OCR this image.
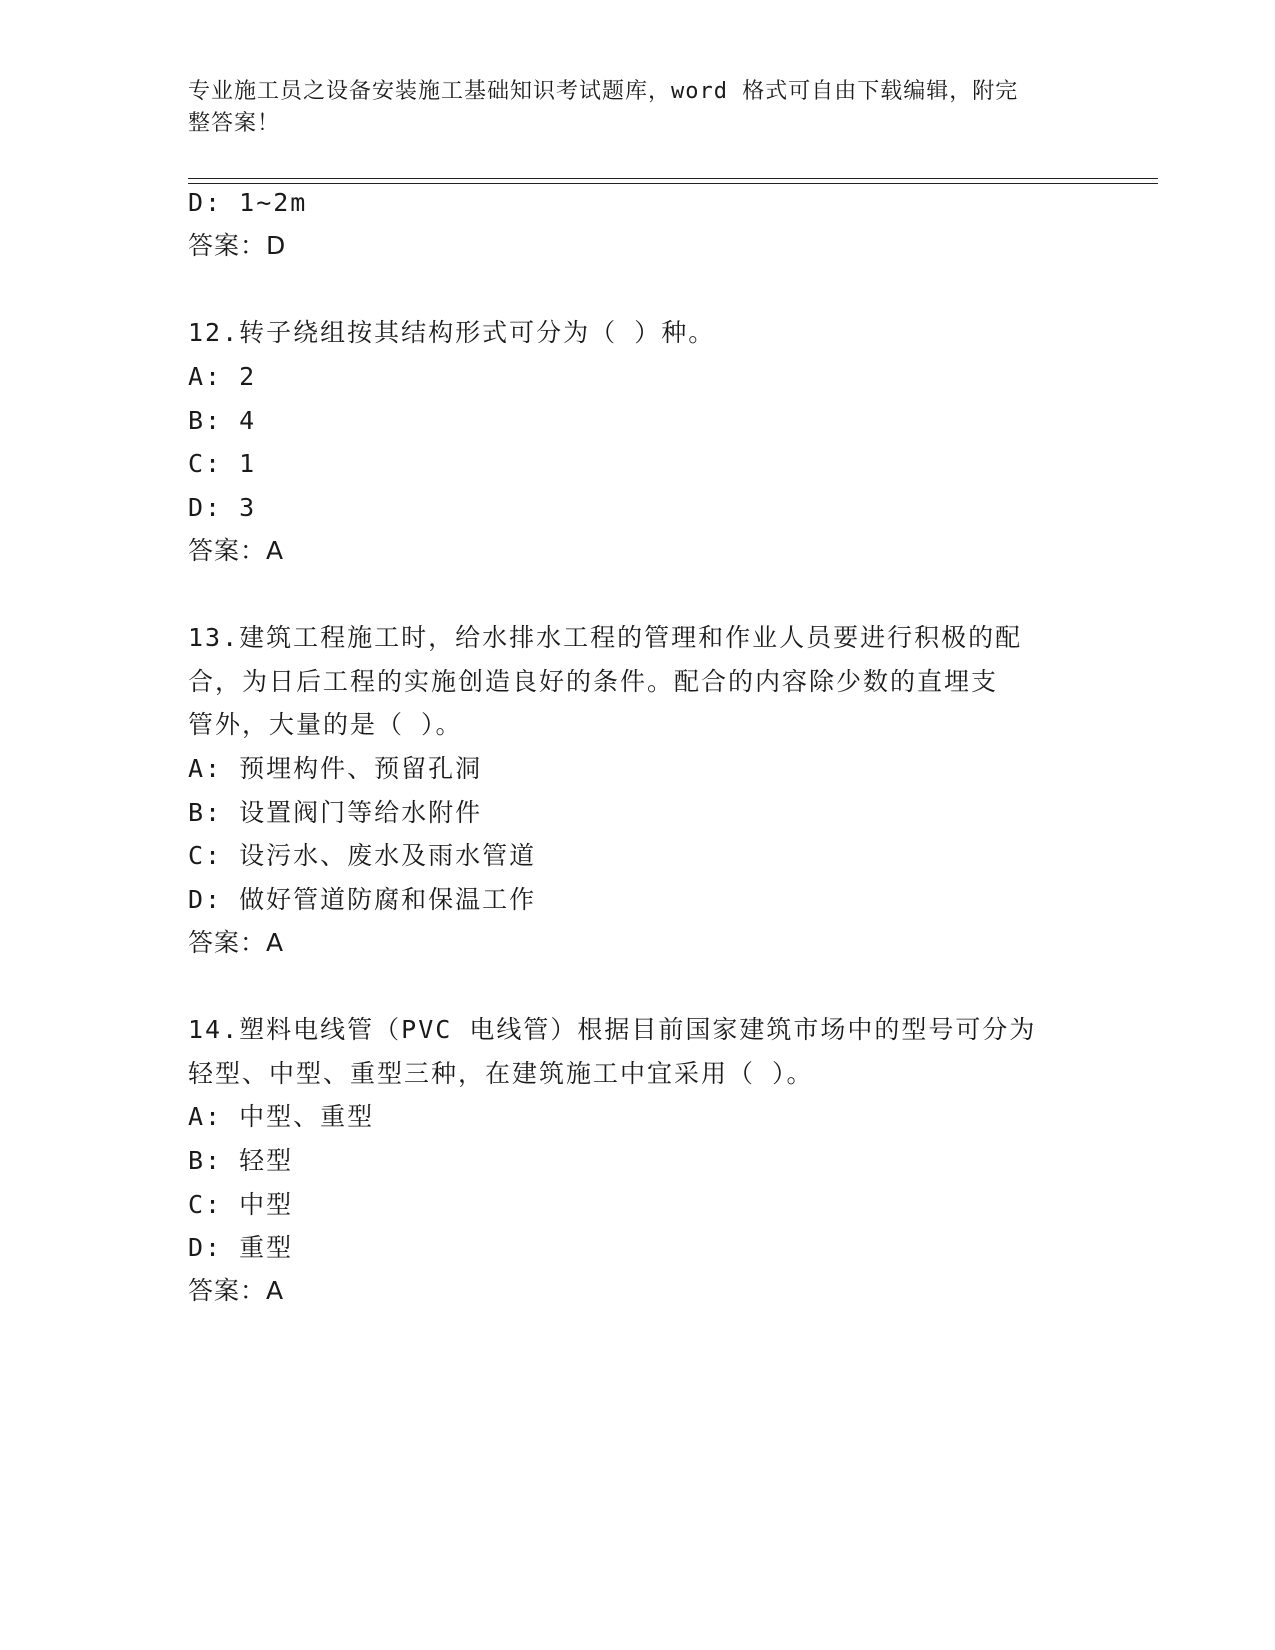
专业施工员之设备安装施工基础知识考试题库，word 格式可自由下载编辑，附完
整答案！
D: 1~2m
答案：D
12.转子绕组按其结构形式可分为（ ）种。
A: 2
B: 4
C: 1
D: 3
答案：A
13.建筑工程施工时，给水排水工程的管理和作业人员要进行积极的配
合，为日后工程的实施创造良好的条件。配合的内容除少数的直埋支
管外，大量的是（ ）。
A: 预埋构件、预留孔洞
B: 设置阀门等给水附件
C: 设污水、废水及雨水管道
D: 做好管道防腐和保温工作
答案：A
14.塑料电线管（PVC 电线管）根据目前国家建筑市场中的型号可分为
轻型、中型、重型三种，在建筑施工中宜采用（ ）。
A: 中型、重型
B: 轻型
C: 中型
D: 重型
答案：A
